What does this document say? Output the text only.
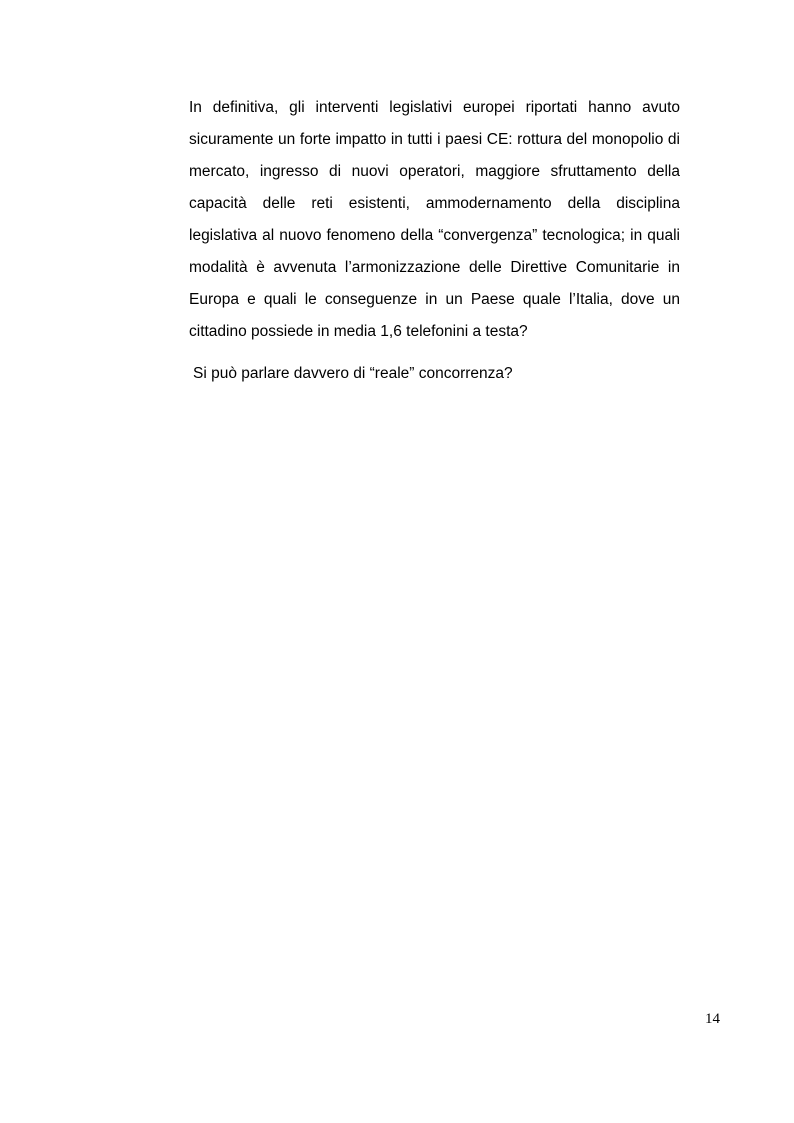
In definitiva, gli interventi legislativi europei riportati hanno avuto sicuramente un forte impatto in tutti i paesi CE: rottura del monopolio di mercato, ingresso di nuovi operatori, maggiore sfruttamento della capacità delle reti esistenti, ammodernamento della disciplina legislativa al nuovo fenomeno della “convergenza” tecnologica; in quali modalità è avvenuta l’armonizzazione delle Direttive Comunitarie in Europa e quali le conseguenze in un Paese quale l’Italia, dove un cittadino possiede in media 1,6 telefonini a testa?

Si può parlare davvero di “reale” concorrenza?

14
